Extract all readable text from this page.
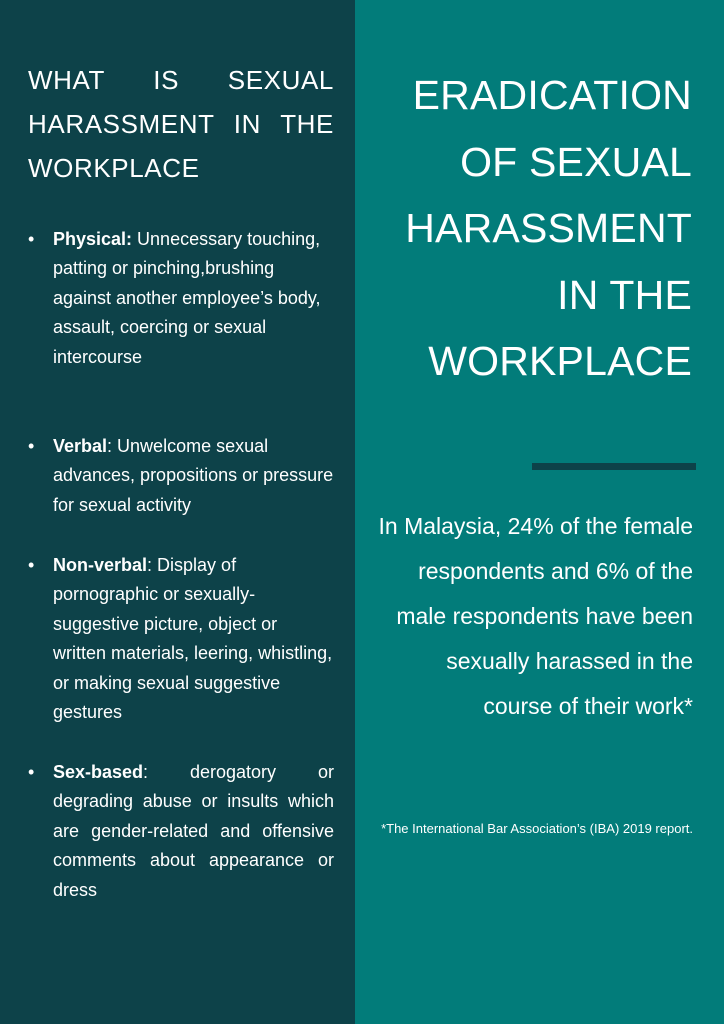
WHAT IS SEXUAL HARASSMENT IN THE WORKPLACE
•	Physical: Unnecessary touching, patting or pinching,brushing against another employee’s body, assault, coercing or sexual intercourse
•	Verbal: Unwelcome sexual advances, propositions or pressure for sexual activity
•	Non-verbal: Display of pornographic or sexually-suggestive picture, object or written materials, leering, whistling, or making sexual suggestive gestures
•	Sex-based: derogatory or degrading abuse or insults which are gender-related and offensive comments about appearance or dress
ERADICATION OF SEXUAL HARASSMENT IN THE WORKPLACE
In Malaysia, 24% of the female respondents and 6% of the male respondents have been sexually harassed in the course of their work*
*The International Bar Association’s (IBA) 2019 report.
